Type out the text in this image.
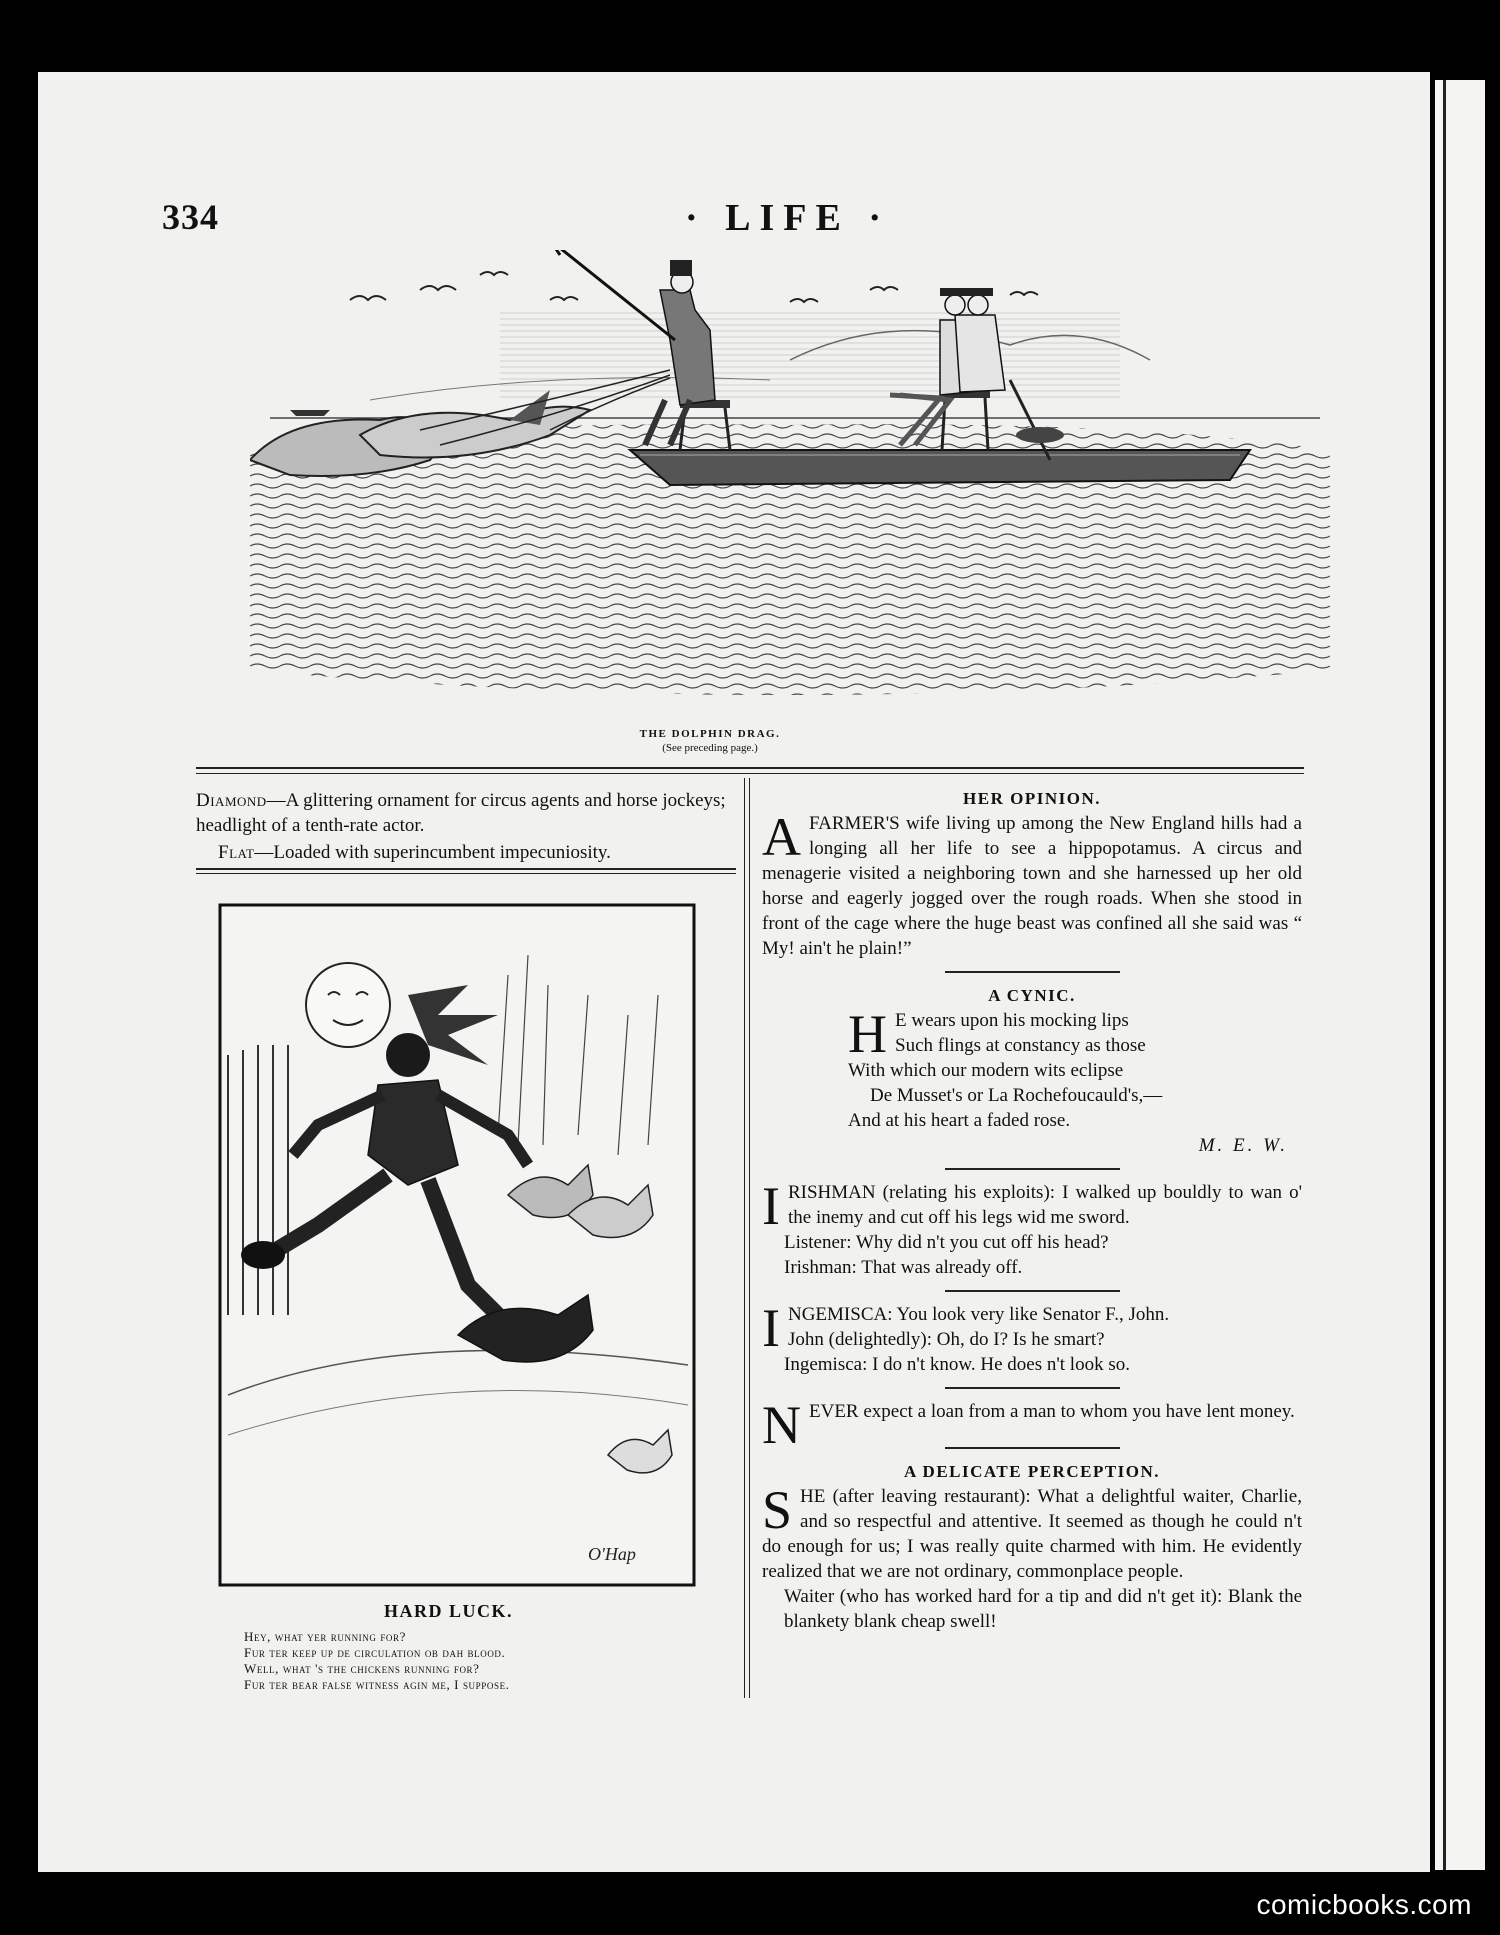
334	· LIFE ·
THE DOLPHIN DRAG.
(See preceding page.)

Diamond—A glittering ornament for circus agents and horse jockeys; headlight of a tenth-rate actor.

Flat—Loaded with superincumbent impecuniosity.

O'Hap
HARD LUCK.

Hey, what yer running for?

Fur ter keep up de circulation ob dah blood.

Well, what 's the chickens running for?

Fur ter bear false witness agin me, I suppose.

HER OPINION.

A FARMER'S wife living up among the New England hills had a longing all her life to see a hippopotamus. A circus and menagerie visited a neighboring town and she harnessed up her old horse and eagerly jogged over the rough roads. When she stood in front of the cage where the huge beast was confined all she said was “ My! ain't he plain!”

A CYNIC.
H E wears upon his mocking lips

Such flings at constancy as those

With which our modern wits eclipse

De Musset's or La Rochefoucauld's,—

And at his heart a faded rose.

M. E. W.

IRISHMAN (relating his exploits): I walked up bouldly to wan o' the inemy and cut off his legs wid me sword.

Listener: Why did n't you cut off his head?

Irishman: That was already off.

INGEMISCA: You look very like Senator F., John.
John (delightedly): Oh, do I? Is he smart?

Ingemisca: I do n't know. He does n't look so.

NEVER expect a loan from a man to whom you have lent money.

A DELICATE PERCEPTION.

SHE (after leaving restaurant): What a delightful waiter, Charlie, and so respectful and attentive. It seemed as though he could n't do enough for us; I was really quite charmed with him. He evidently realized that we are not ordinary, commonplace people.

Waiter (who has worked hard for a tip and did n't get it): Blank the blankety blank cheap swell!

comicbooks.com
